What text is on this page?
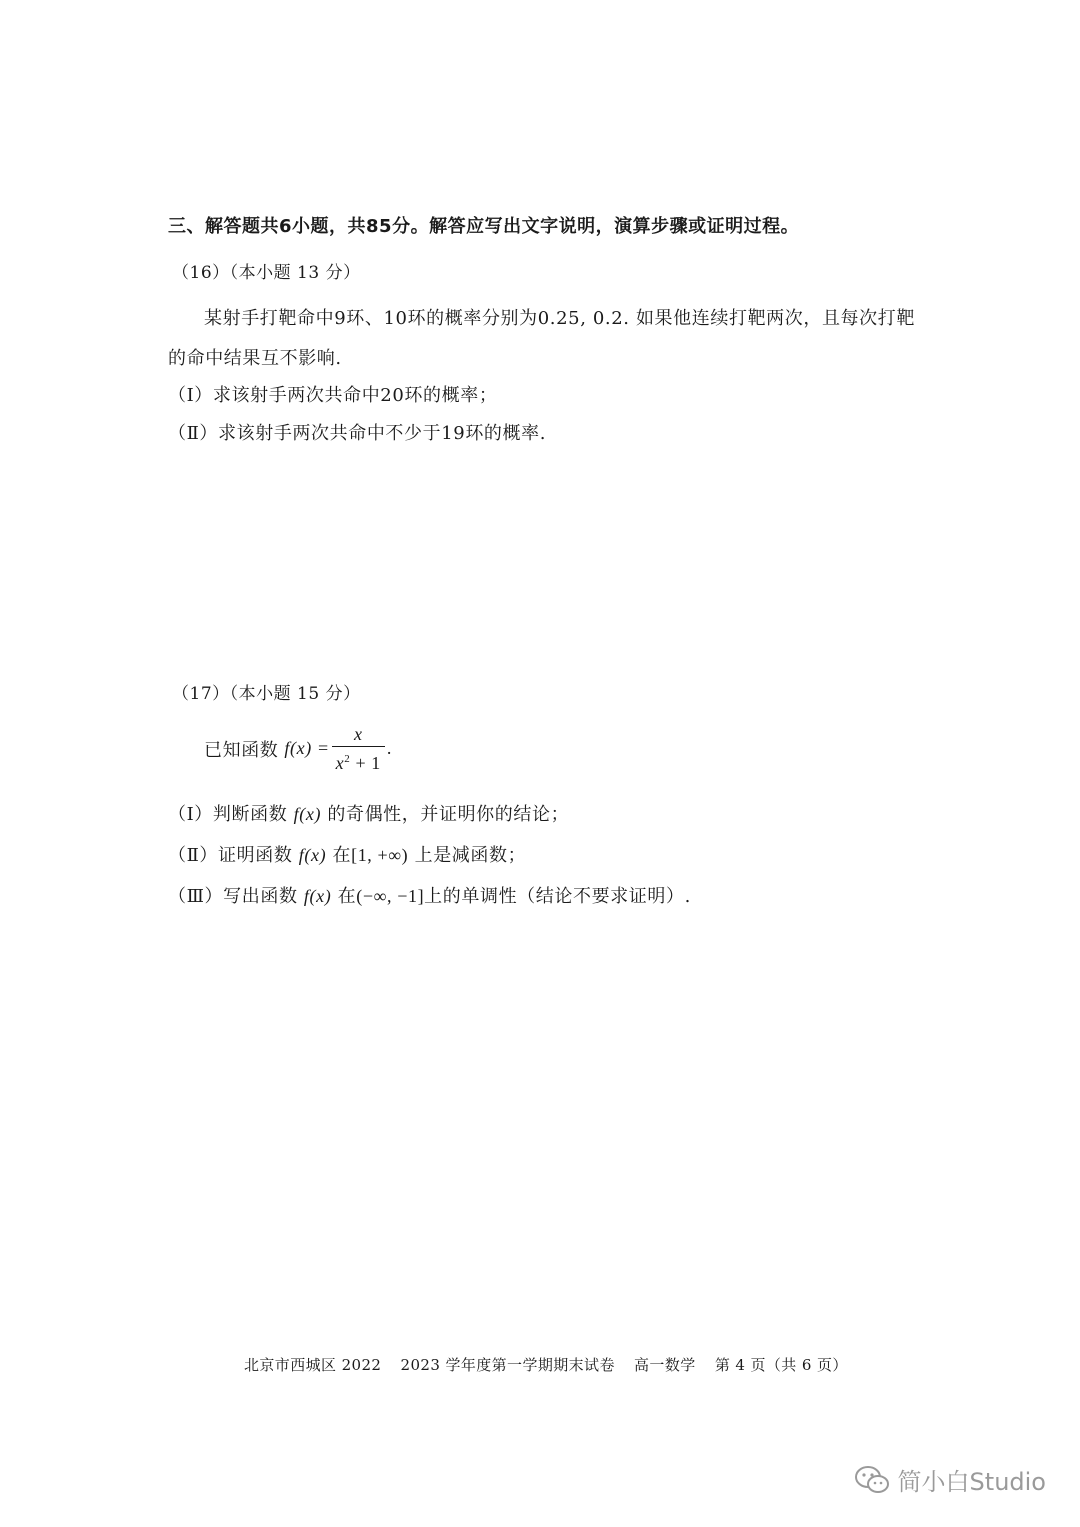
三、解答题共6小题，共85分。解答应写出文字说明，演算步骤或证明过程。
（16）（本小题 13 分）
某射手打靶命中9环、10环的概率分别为0.25, 0.2. 如果他连续打靶两次，且每次打靶
的命中结果互不影响.
（Ⅰ）求该射手两次共命中20环的概率；
（Ⅱ）求该射手两次共命中不少于19环的概率.
（17）（本小题 15 分）
已知函数 $f(x) = \frac{x}{x^2 + 1}$ .
（Ⅰ）判断函数 f(x) 的奇偶性，并证明你的结论；
（Ⅱ）证明函数 f(x) 在[1, +∞) 上是减函数；
（Ⅲ）写出函数 f(x) 在(−∞, −1]上的单调性（结论不要求证明）.
北京市西城区 2022 2023 学年度第一学期期末试卷 高一数学 第 4 页（共 6 页）
简小白Studio
